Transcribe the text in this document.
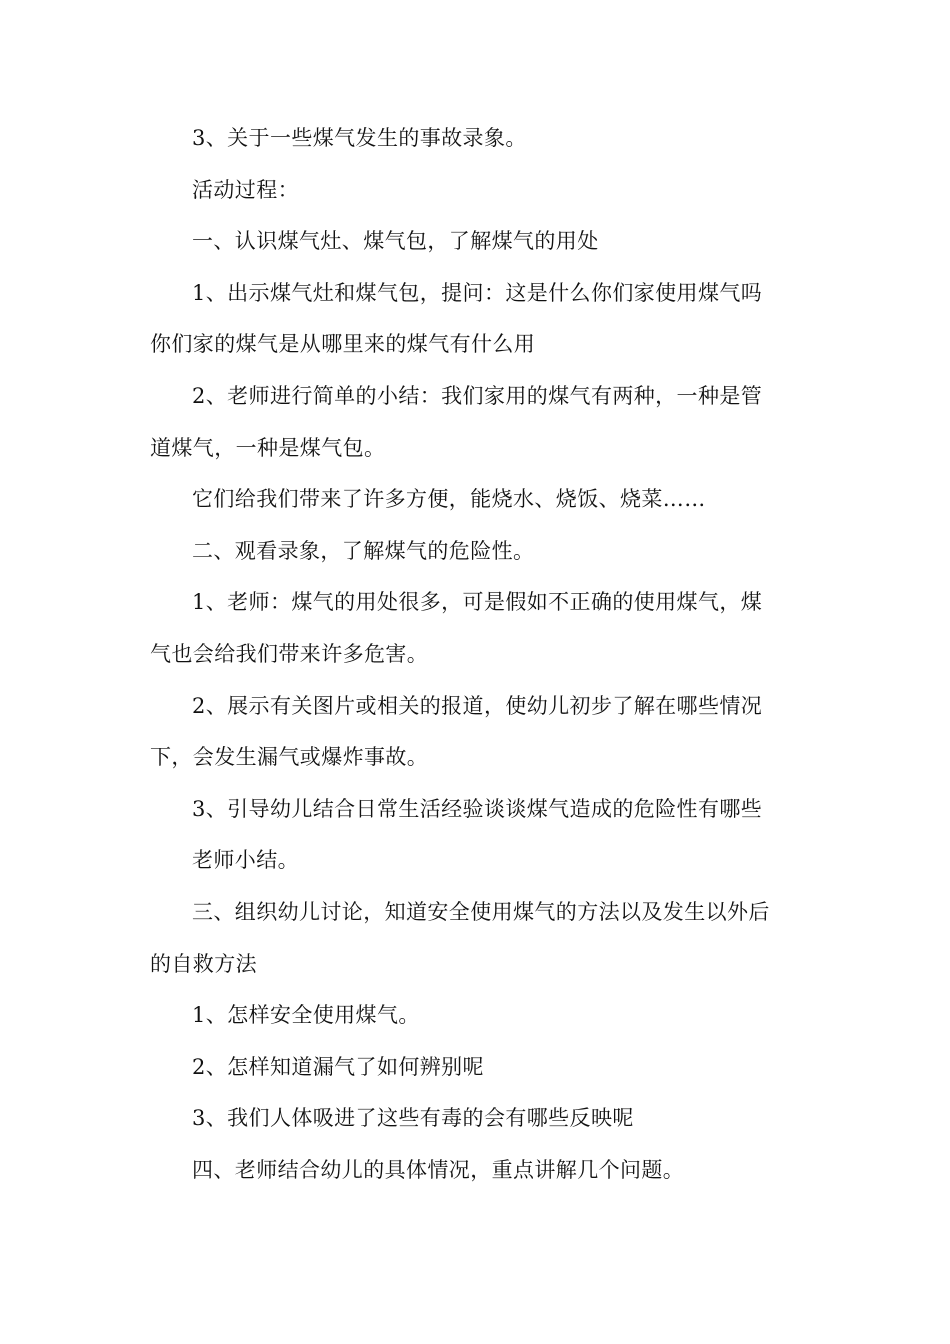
3、关于一些煤气发生的事故录象。
活动过程：
一、认识煤气灶、煤气包，了解煤气的用处
1、出示煤气灶和煤气包，提问：这是什么你们家使用煤气吗
你们家的煤气是从哪里来的煤气有什么用
2、老师进行简单的小结：我们家用的煤气有两种，一种是管
道煤气，一种是煤气包。
它们给我们带来了许多方便，能烧水、烧饭、烧菜……
二、观看录象，了解煤气的危险性。
1、老师：煤气的用处很多，可是假如不正确的使用煤气，煤
气也会给我们带来许多危害。
2、展示有关图片或相关的报道，使幼儿初步了解在哪些情况
下，会发生漏气或爆炸事故。
3、引导幼儿结合日常生活经验谈谈煤气造成的危险性有哪些
老师小结。
三、组织幼儿讨论，知道安全使用煤气的方法以及发生以外后
的自救方法
1、怎样安全使用煤气。
2、怎样知道漏气了如何辨别呢
3、我们人体吸进了这些有毒的会有哪些反映呢
四、老师结合幼儿的具体情况，重点讲解几个问题。
